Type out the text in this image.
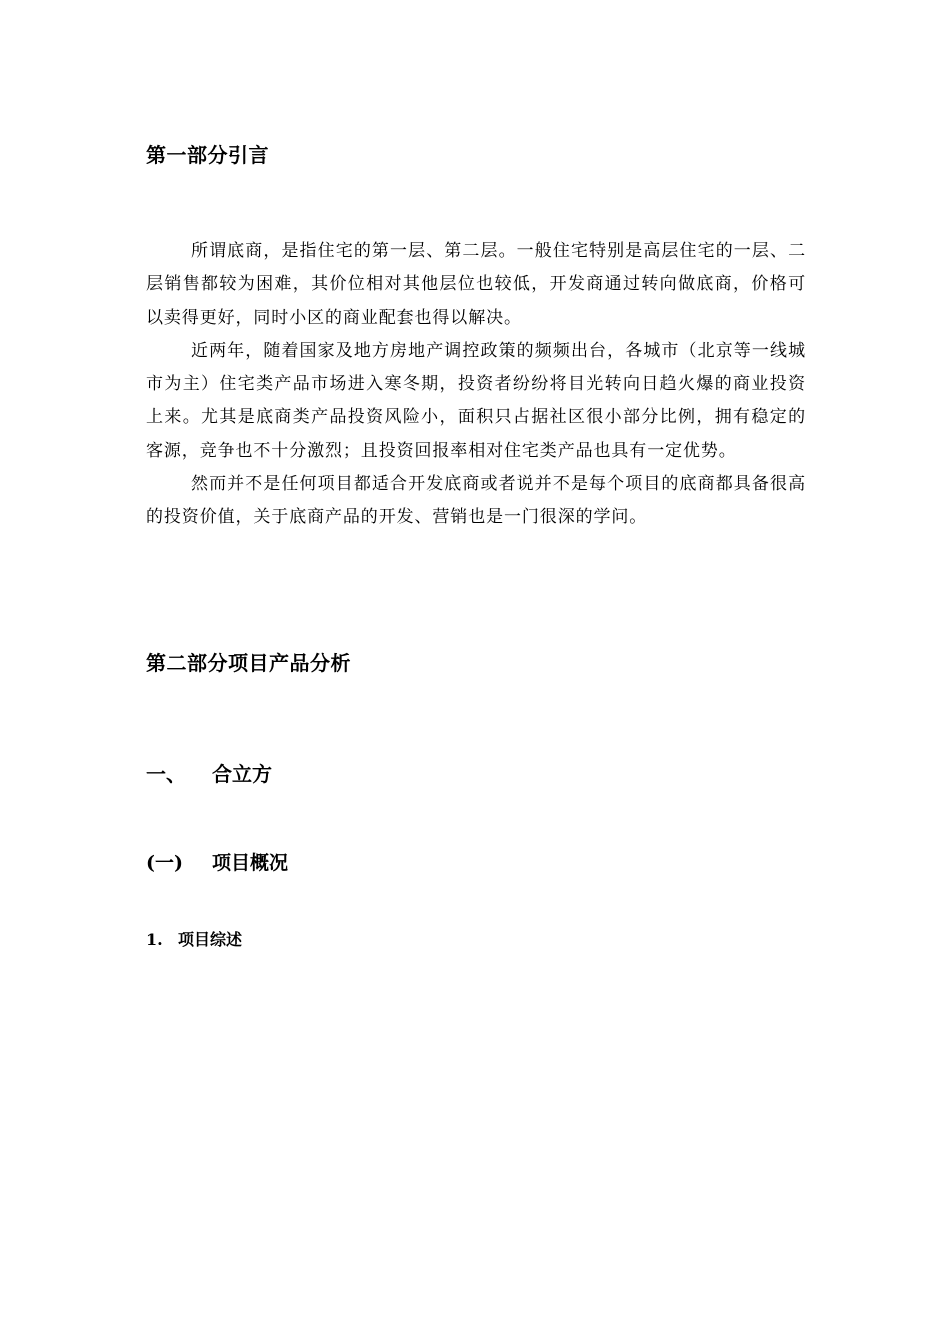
第一部分引言

所谓底商，是指住宅的第一层、第二层。一般住宅特别是高层住宅的一层、二层销售都较为困难，其价位相对其他层位也较低，开发商通过转向做底商，价格可以卖得更好，同时小区的商业配套也得以解决。

近两年，随着国家及地方房地产调控政策的频频出台，各城市（北京等一线城市为主）住宅类产品市场进入寒冬期，投资者纷纷将目光转向日趋火爆的商业投资上来。尤其是底商类产品投资风险小，面积只占据社区很小部分比例，拥有稳定的客源，竞争也不十分激烈；且投资回报率相对住宅类产品也具有一定优势。

然而并不是任何项目都适合开发底商或者说并不是每个项目的底商都具备很高的投资价值，关于底商产品的开发、营销也是一门很深的学问。

第二部分项目产品分析
一、 合立方
(一) 项目概况
1. 项目综述
